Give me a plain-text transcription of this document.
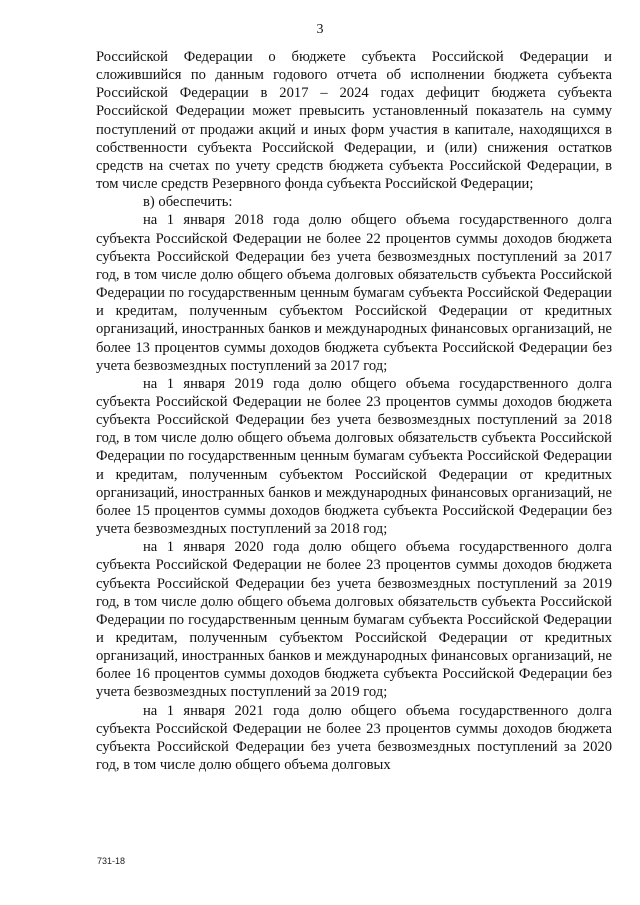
3

Российской Федерации о бюджете субъекта Российской Федерации и сложившийся по данным годового отчета об исполнении бюджета субъекта Российской Федерации в 2017 – 2024 годах дефицит бюджета субъекта Российской Федерации может превысить установленный показатель на сумму поступлений от продажи акций и иных форм участия в капитале, находящихся в собственности субъекта Российской Федерации, и (или) снижения остатков средств на счетах по учету средств бюджета субъекта Российской Федерации, в том числе средств Резервного фонда субъекта Российской Федерации;

в) обеспечить:

на 1 января 2018 года долю общего объема государственного долга субъекта Российской Федерации не более 22 процентов суммы доходов бюджета субъекта Российской Федерации без учета безвозмездных поступлений за 2017 год, в том числе долю общего объема долговых обязательств субъекта Российской Федерации по государственным ценным бумагам субъекта Российской Федерации и кредитам, полученным субъектом Российской Федерации от кредитных организаций, иностранных банков и международных финансовых организаций, не более 13 процентов суммы доходов бюджета субъекта Российской Федерации без учета безвозмездных поступлений за 2017 год;

на 1 января 2019 года долю общего объема государственного долга субъекта Российской Федерации не более 23 процентов суммы доходов бюджета субъекта Российской Федерации без учета безвозмездных поступлений за 2018 год, в том числе долю общего объема долговых обязательств субъекта Российской Федерации по государственным ценным бумагам субъекта Российской Федерации и кредитам, полученным субъектом Российской Федерации от кредитных организаций, иностранных банков и международных финансовых организаций, не более 15 процентов суммы доходов бюджета субъекта Российской Федерации без учета безвозмездных поступлений за 2018 год;

на 1 января 2020 года долю общего объема государственного долга субъекта Российской Федерации не более 23 процентов суммы доходов бюджета субъекта Российской Федерации без учета безвозмездных поступлений за 2019 год, в том числе долю общего объема долговых обязательств субъекта Российской Федерации по государственным ценным бумагам субъекта Российской Федерации и кредитам, полученным субъектом Российской Федерации от кредитных организаций, иностранных банков и международных финансовых организаций, не более 16 процентов суммы доходов бюджета субъекта Российской Федерации без учета безвозмездных поступлений за 2019 год;

на 1 января 2021 года долю общего объема государственного долга субъекта Российской Федерации не более 23 процентов суммы доходов бюджета субъекта Российской Федерации без учета безвозмездных поступлений за 2020 год, в том числе долю общего объема долговых

731-18
